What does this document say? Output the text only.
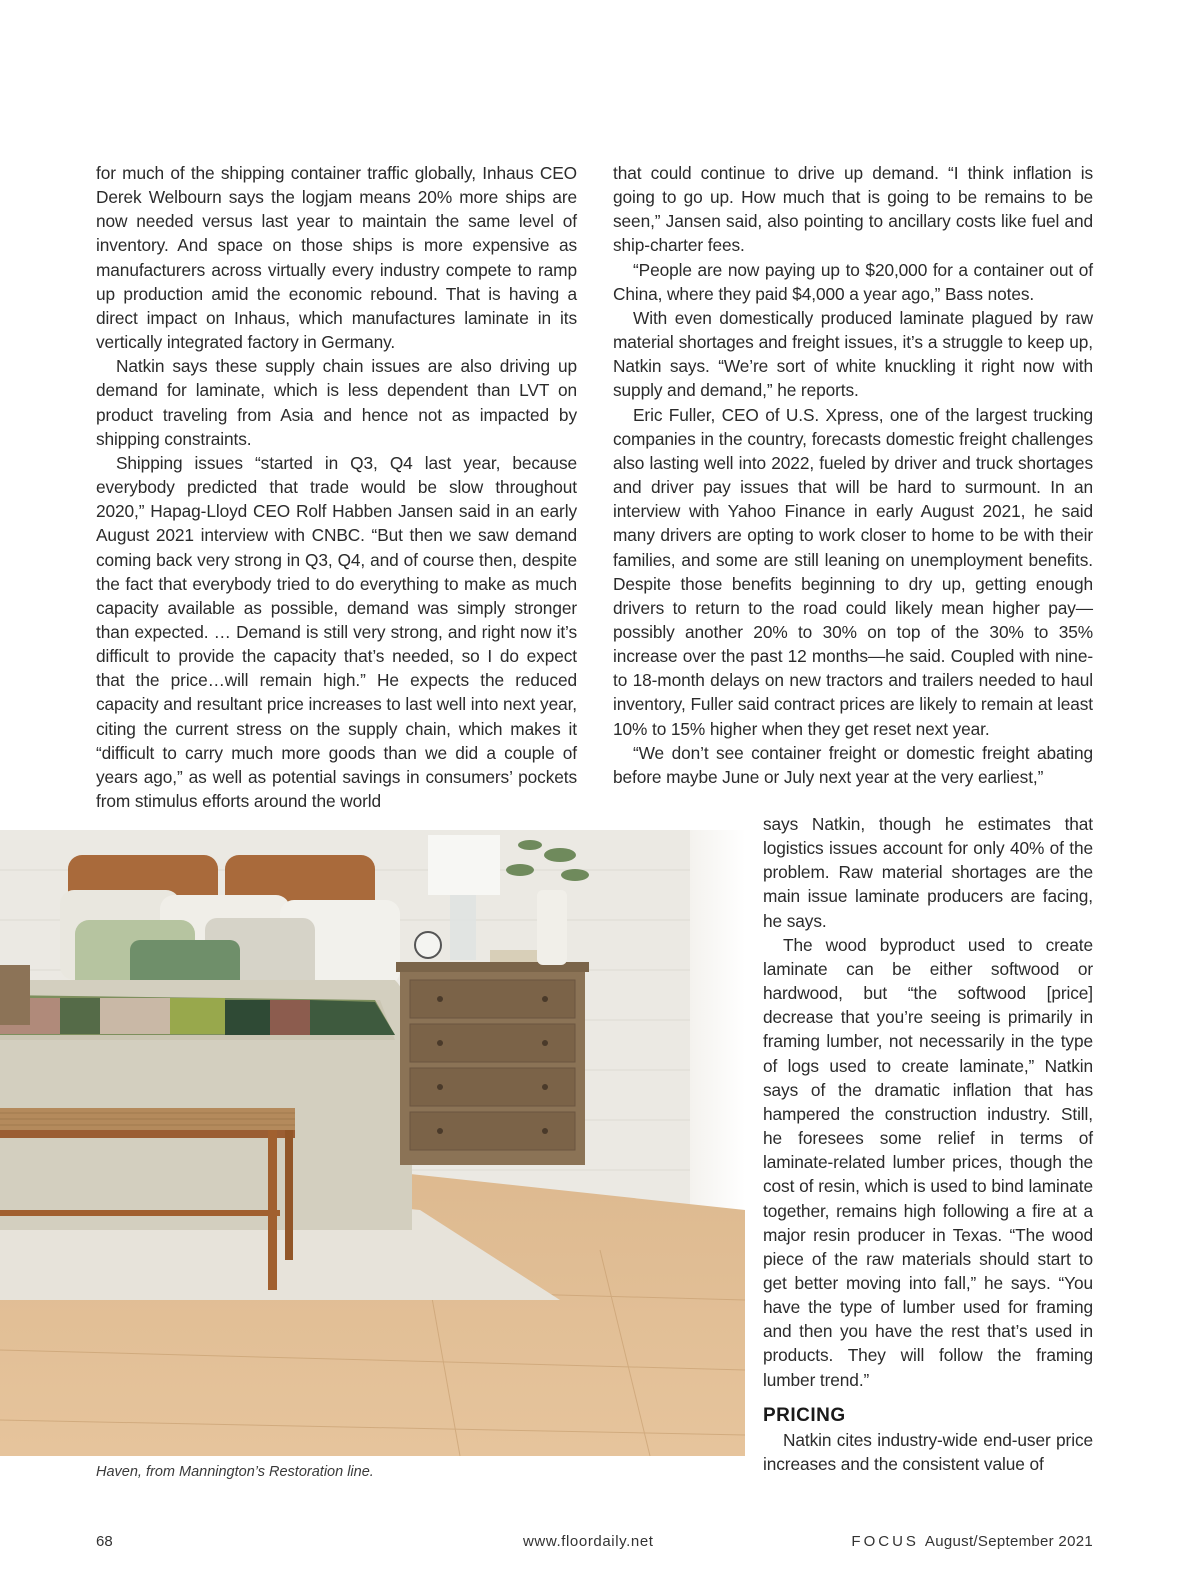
for much of the shipping container traffic globally, Inhaus CEO Derek Welbourn says the logjam means 20% more ships are now needed versus last year to maintain the same level of inventory. And space on those ships is more expensive as manufacturers across virtually every industry compete to ramp up production amid the economic rebound. That is having a direct impact on Inhaus, which manufactures laminate in its vertically integrated factory in Germany.

Natkin says these supply chain issues are also driving up demand for laminate, which is less dependent than LVT on product traveling from Asia and hence not as impacted by shipping constraints.

Shipping issues “started in Q3, Q4 last year, because everybody predicted that trade would be slow throughout 2020,” Hapag-Lloyd CEO Rolf Habben Jansen said in an early August 2021 interview with CNBC. “But then we saw demand coming back very strong in Q3, Q4, and of course then, despite the fact that everybody tried to do everything to make as much capacity available as possible, demand was simply stronger than expected. … Demand is still very strong, and right now it’s difficult to provide the capacity that’s needed, so I do expect that the price…will remain high.” He expects the reduced capacity and resultant price increases to last well into next year, citing the current stress on the supply chain, which makes it “difficult to carry much more goods than we did a couple of years ago,” as well as potential savings in consumers’ pockets from stimulus efforts around the world

that could continue to drive up demand. “I think inflation is going to go up. How much that is going to be remains to be seen,” Jansen said, also pointing to ancillary costs like fuel and ship-charter fees.

“People are now paying up to $20,000 for a container out of China, where they paid $4,000 a year ago,” Bass notes.

With even domestically produced laminate plagued by raw material shortages and freight issues, it’s a struggle to keep up, Natkin says. “We’re sort of white knuckling it right now with supply and demand,” he reports.

Eric Fuller, CEO of U.S. Xpress, one of the largest trucking companies in the country, forecasts domestic freight challenges also lasting well into 2022, fueled by driver and truck shortages and driver pay issues that will be hard to surmount. In an interview with Yahoo Finance in early August 2021, he said many drivers are opting to work closer to home to be with their families, and some are still leaning on unemployment benefits. Despite those benefits beginning to dry up, getting enough drivers to return to the road could likely mean higher pay—possibly another 20% to 30% on top of the 30% to 35% increase over the past 12 months—he said. Coupled with nine- to 18-month delays on new tractors and trailers needed to haul inventory, Fuller said contract prices are likely to remain at least 10% to 15% higher when they get reset next year.

“We don’t see container freight or domestic freight abating before maybe June or July next year at the very earliest,”

says Natkin, though he estimates that logistics issues account for only 40% of the problem. Raw material shortages are the main issue laminate producers are facing, he says.

The wood byproduct used to create laminate can be either softwood or hardwood, but “the softwood [price] decrease that you’re seeing is primarily in framing lumber, not necessarily in the type of logs used to create laminate,” Natkin says of the dramatic inflation that has hampered the construction industry. Still, he foresees some relief in terms of laminate-related lumber prices, though the cost of resin, which is used to bind laminate together, remains high following a fire at a major resin producer in Texas. “The wood piece of the raw materials should start to get better moving into fall,” he says. “You have the type of lumber used for framing and then you have the rest that’s used in products. They will follow the framing lumber trend.”

PRICING

Natkin cites industry-wide end-user price increases and the consistent value of

Haven, from Mannington’s Restoration line.
68	www.floordaily.net	FOCUS August/September 2021
